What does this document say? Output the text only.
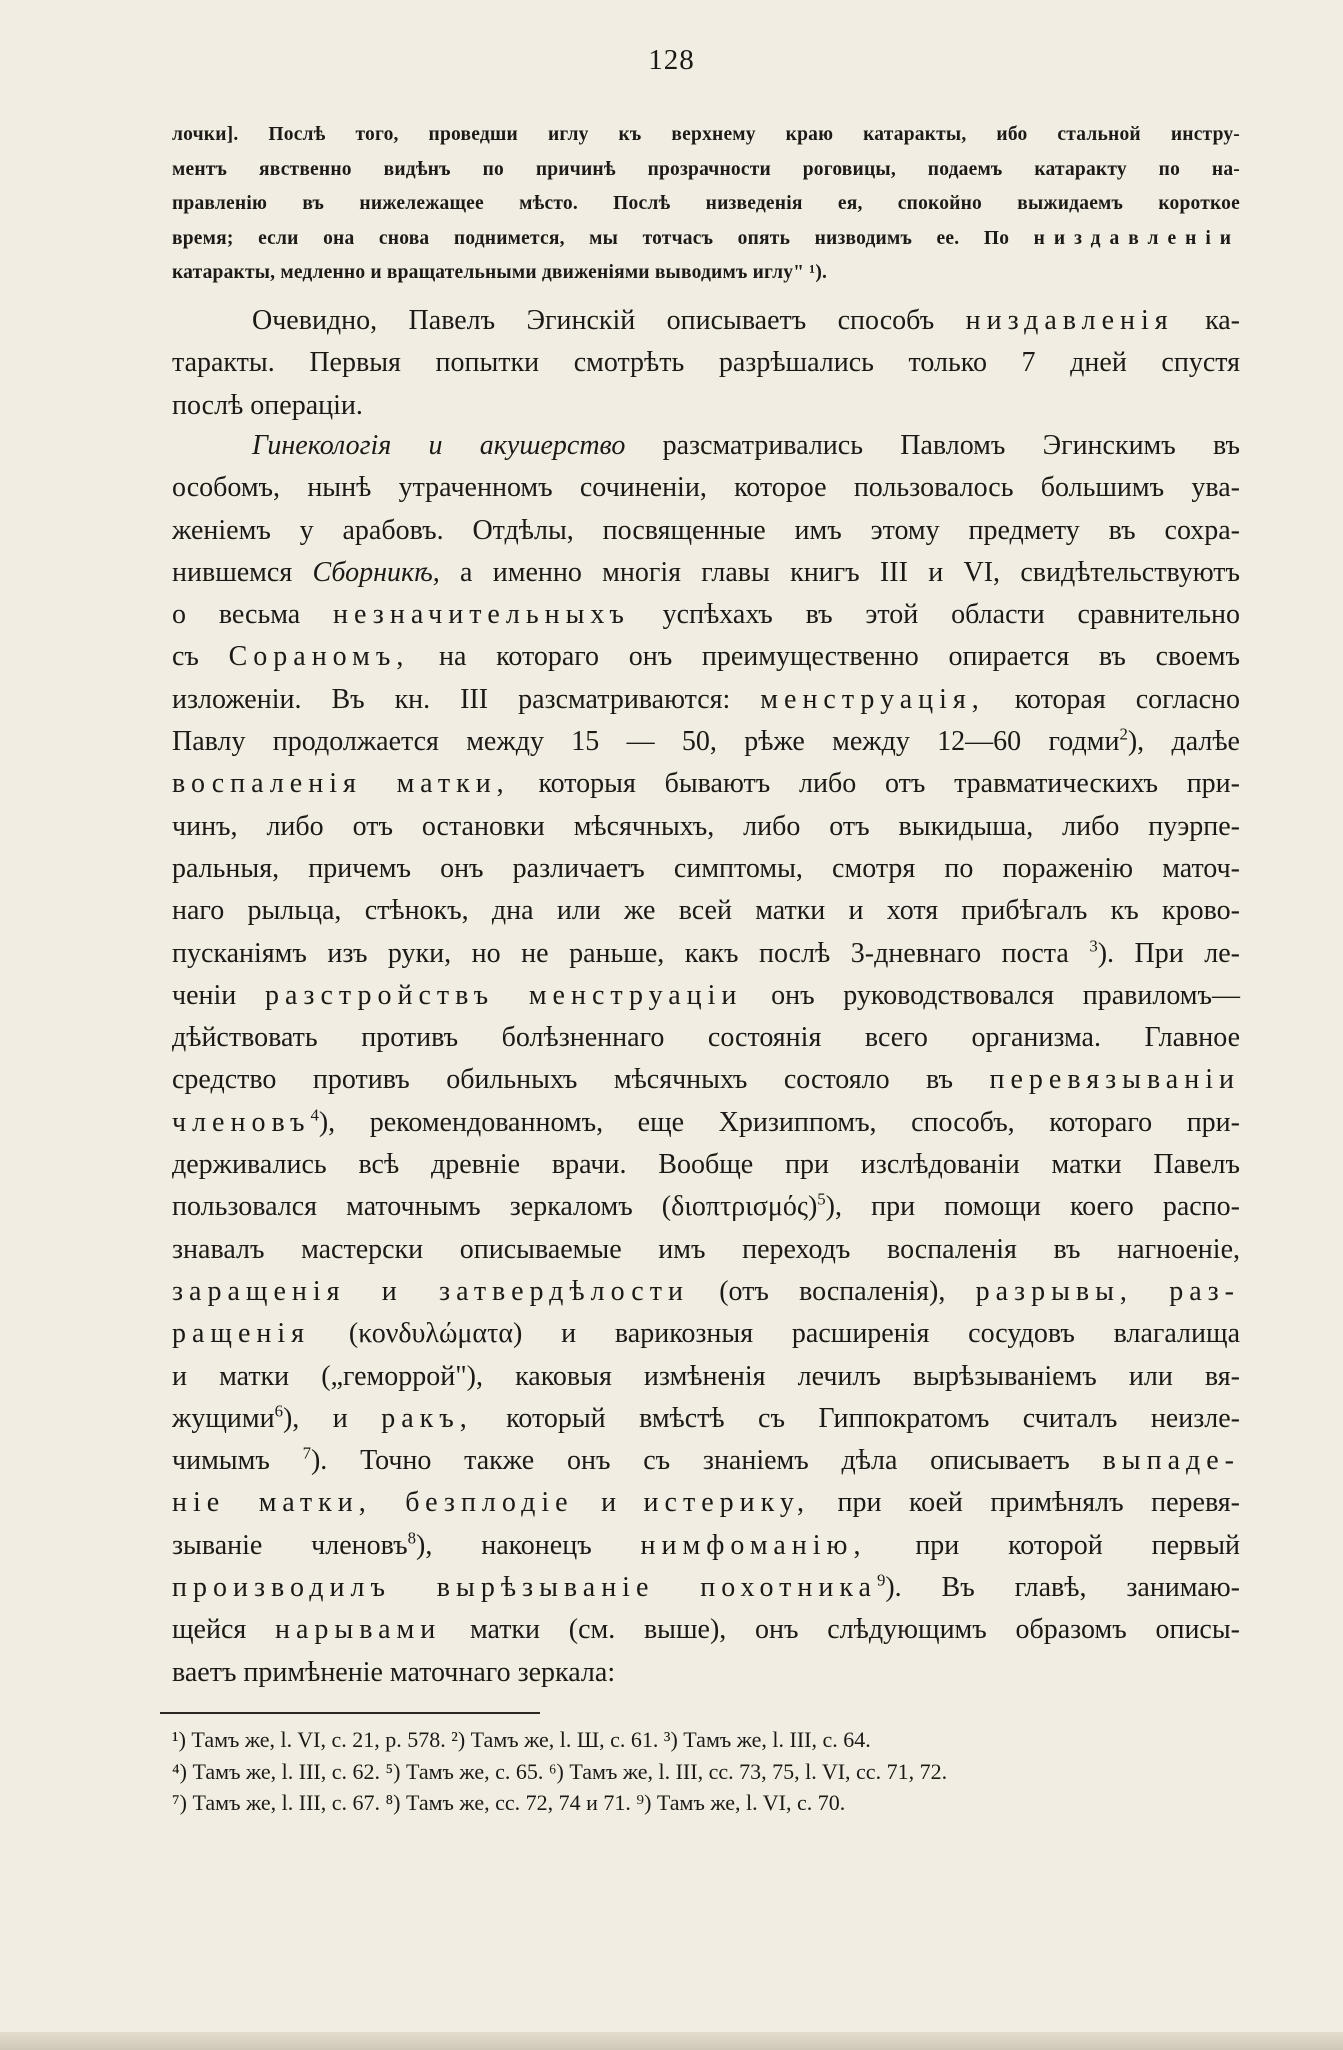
128
лочки]. Послѣ того, проведши иглу къ верхнему краю катаракты, ибо стальной инстру-
ментъ явственно видѣнъ по причинѣ прозрачности роговицы, подаемъ катаракту по на-
правленію въ нижележащее мѣсто. Послѣ низведенія ея, спокойно выжидаемъ короткое
время; если она снова поднимется, мы тотчасъ опять низводимъ ее. По низдавленіи
катаракты, медленно и вращательными движеніями выводимъ иглу" ¹).
Очевидно, Павелъ Эгинскій описываетъ способъ низдавленія ка-
таракты. Первыя попытки смотрѣть разрѣшались только 7 дней спустя
послѣ операціи.
Гинекологія и акушерство разсматривались Павломъ Эгинскимъ въ
особомъ, нынѣ утраченномъ сочиненіи, которое пользовалось большимъ ува-
женіемъ у арабовъ. Отдѣлы, посвященные имъ этому предмету въ сохра-
нившемся Сборникѣ, а именно многія главы книгъ III и VI, свидѣтельствуютъ
о весьма незначительныхъ успѣхахъ въ этой области сравнительно
съ Сораномъ, на котораго онъ преимущественно опирается въ своемъ
изложеніи. Въ кн. III разсматриваются: менструація, которая согласно
Павлу продолжается между 15 — 50, рѣже между 12—60 годми$^2$), далѣе
воспаленія матки, которыя бываютъ либо отъ травматическихъ при-
чинъ, либо отъ остановки мѣсячныхъ, либо отъ выкидыша, либо пуэрпе-
ральныя, причемъ онъ различаетъ симптомы, смотря по пораженію маточ-
наго рыльца, стѣнокъ, дна или же всей матки и хотя прибѣгалъ къ крово-
пусканіямъ изъ руки, но не раньше, какъ послѣ 3-дневнаго поста $^3$). При ле-
ченіи разстройствъ менструаціи онъ руководствовался правиломъ—
дѣйствовать противъ болѣзненнаго состоянія всего организма. Главное
средство противъ обильныхъ мѣсячныхъ состояло въ перевязываніи
членовъ$^4$), рекомендованномъ, еще Хризиппомъ, способъ, котораго при-
держивались всѣ древніе врачи. Вообще при изслѣдованіи матки Павелъ
пользовался маточнымъ зеркаломъ $(\delta\iota o\pi\tau\rho\iota\sigma\mu ό\varsigma)^5$), при помощи коего распо-
знавалъ мастерски описываемые имъ переходъ воспаленія въ нагноеніе,
заращенія и затвердѣлости (отъ воспаленія), разрывы, раз-
ращенія (κονδυλώματα) и варикозныя расширенія сосудовъ влагалища
и матки („геморрой"), каковыя измѣненія лечилъ вырѣзываніемъ или вя-
жущими$^6$), и ракъ, который вмѣстѣ съ Гиппократомъ считалъ неизле-
чимымъ $^7$). Точно также онъ съ знаніемъ дѣла описываетъ выпаде-
ніе матки, безплодіе и истерику, при коей примѣнялъ перевя-
зываніе членовъ$^8$), наконецъ нимфоманію, при которой первый
производилъ вырѣзываніе похотника$^9$). Въ главѣ, занимаю-
щейся нарывами матки (см. выше), онъ слѣдующимъ образомъ описы-
ваетъ примѣненіе маточнаго зеркала:
¹) Тамъ же, l. VI, c. 21, p. 578. ²) Тамъ же, l. Ш, c. 61. ³) Тамъ же, l. III, c. 64.
⁴) Тамъ же, l. III, c. 62. ⁵) Тамъ же, c. 65. ⁶) Тамъ же, l. III, cc. 73, 75, l. VI, cc. 71, 72.
⁷) Тамъ же, l. III, c. 67. ⁸) Тамъ же, cc. 72, 74 и 71. ⁹) Тамъ же, l. VI, c. 70.
